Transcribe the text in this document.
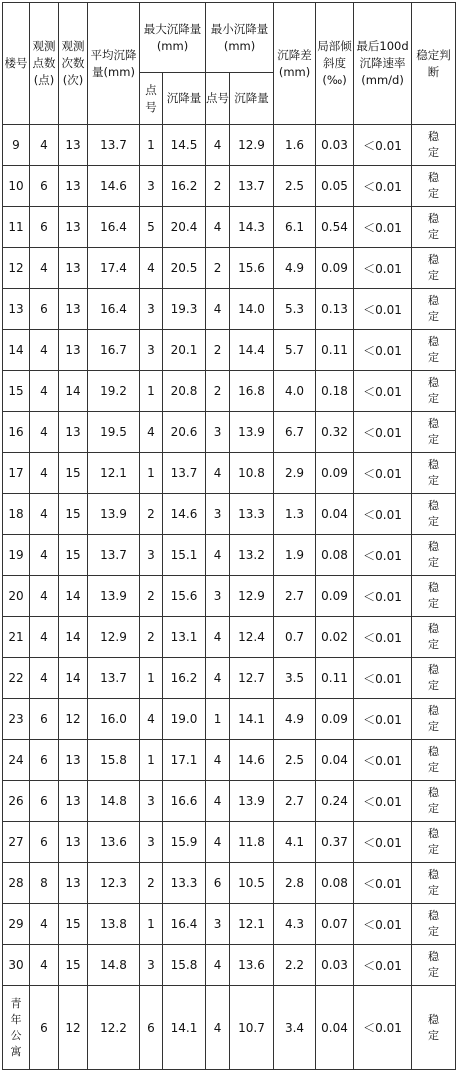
楼号	观测点数(点)	观测次数(次)	平均沉降量(mm)	最大沉降量(mm)		最小沉降量(mm)		沉降差(mm)	局部倾斜度(‰)	最后100d沉降速率(mm/d)	稳定判断
				点号	沉降量	点号	沉降量				
9	4	13	13.7	1	14.5	4	12.9	1.6	0.03	＜0.01	稳定
10	6	13	14.6	3	16.2	2	13.7	2.5	0.05	＜0.01	稳定
11	6	13	16.4	5	20.4	4	14.3	6.1	0.54	＜0.01	稳定
12	4	13	17.4	4	20.5	2	15.6	4.9	0.09	＜0.01	稳定
13	6	13	16.4	3	19.3	4	14.0	5.3	0.13	＜0.01	稳定
14	4	13	16.7	3	20.1	2	14.4	5.7	0.11	＜0.01	稳定
15	4	14	19.2	1	20.8	2	16.8	4.0	0.18	＜0.01	稳定
16	4	13	19.5	4	20.6	3	13.9	6.7	0.32	＜0.01	稳定
17	4	15	12.1	1	13.7	4	10.8	2.9	0.09	＜0.01	稳定
18	4	15	13.9	2	14.6	3	13.3	1.3	0.04	＜0.01	稳定
19	4	15	13.7	3	15.1	4	13.2	1.9	0.08	＜0.01	稳定
20	4	14	13.9	2	15.6	3	12.9	2.7	0.09	＜0.01	稳定
21	4	14	12.9	2	13.1	4	12.4	0.7	0.02	＜0.01	稳定
22	4	14	13.7	1	16.2	4	12.7	3.5	0.11	＜0.01	稳定
23	6	12	16.0	4	19.0	1	14.1	4.9	0.09	＜0.01	稳定
24	6	13	15.8	1	17.1	4	14.6	2.5	0.04	＜0.01	稳定
26	6	13	14.8	3	16.6	4	13.9	2.7	0.24	＜0.01	稳定
27	6	13	13.6	3	15.9	4	11.8	4.1	0.37	＜0.01	稳定
28	8	13	12.3	2	13.3	6	10.5	2.8	0.08	＜0.01	稳定
29	4	15	13.8	1	16.4	3	12.1	4.3	0.07	＜0.01	稳定
30	4	15	14.8	3	15.8	4	13.6	2.2	0.03	＜0.01	稳定
青年公寓	6	12	12.2	6	14.1	4	10.7	3.4	0.04	＜0.01	稳定
